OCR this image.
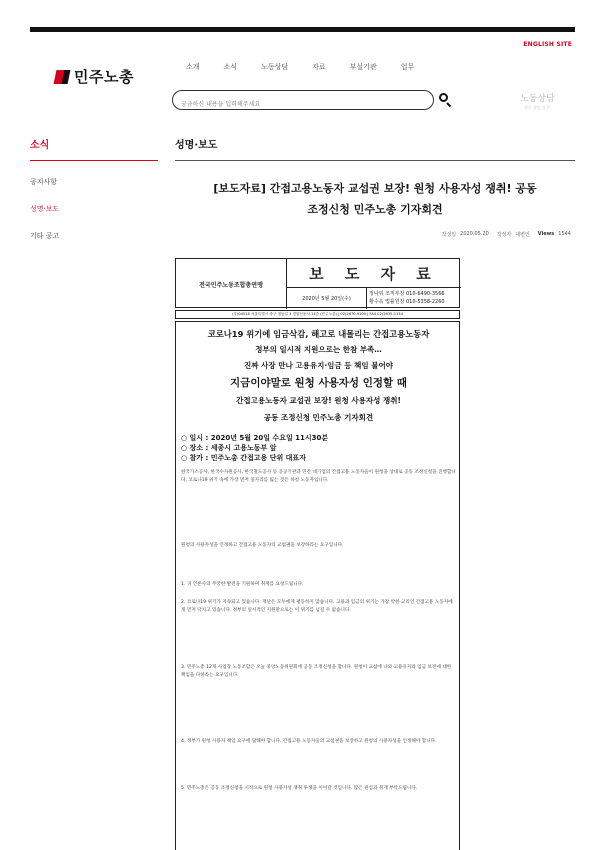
ENGLISH SITE
민주노총
소개	소식	노동상담	자료	부설기관	업무
궁금하신 내용을 입력해주세요
노동상담
전문 상담 창구
소식
공지사항
성명·보도
기타 공고
성명·보도
[보도자료] 간접고용노동자 교섭권 보장! 원청 사용자성 쟁취! 공동
조정신청 민주노총 기자회견
작성일 2020.05.20 작성자 대변인 Views 1544
전국민주노동조합총연맹
보 도 자 료
2020년 5월 20일(수)
정나위 조직부장 010-6490-3566
황수옥 법률원장 010-5358-2260
(우)04518 서울특별시 중구 정동길 3 경향신문사 14층 (민주노총) | 02)2670-9100 | FAX 02)2635-1134
코로나19 위기에 임금삭감, 해고로 내몰리는 간접고용노동자
정부의 일시적 지원으로는 한참 부족…
진짜 사장 만나 고용유지·임금 등 책임 물어야
지금이야말로 원청 사용자성 인정할 때
간접고용노동자 교섭권 보장! 원청 사용자성 쟁취!
공동 조정신청 민주노총 기자회견
○ 일시 : 2020년 5월 20일 수요일 11시30분
○ 장소 : 세종시 고용노동부 앞
○ 참가 : 민주노총 간접고용 단위 대표자
한국가스공사, 한국수자원공사, 한국철도공사 등 공공기관과 민간 대기업의 간접고용 노동자들이 원청을 상대로 공동 조정신청을 진행합니다. 코로나19 위기 속에 가장 먼저 일자리를 잃는 것은 하청 노동자입니다.
원청의 사용자성을 인정하고 간접고용 노동자의 교섭권을 보장하라는 요구입니다.
1. 귀 언론사의 무궁한 발전을 기원하며 취재를 요청드립니다.
2. 코로나19 위기가 지속되고 있습니다. 재난은 모두에게 평등하지 않습니다. 고용과 임금의 위기는 가장 약한 고리인 간접고용 노동자에게 먼저 닥치고 있습니다. 정부의 일시적인 지원만으로는 이 위기를 넘길 수 없습니다.
3. 민주노총 12개 사업장 노동조합은 오늘 중앙노동위원회에 공동 조정신청을 합니다. 원청이 교섭에 나와 고용유지와 임금 보전에 대한 책임을 다하라는 요구입니다.
4. 정부가 원청 사용자 책임 요구에 답해야 합니다. 간접고용 노동자들의 교섭권을 보장하고 원청의 사용자성을 인정해야 합니다.
5. 민주노총은 공동 조정신청을 시작으로 원청 사용자성 쟁취 투쟁을 이어갈 것입니다. 많은 관심과 취재 부탁드립니다.
